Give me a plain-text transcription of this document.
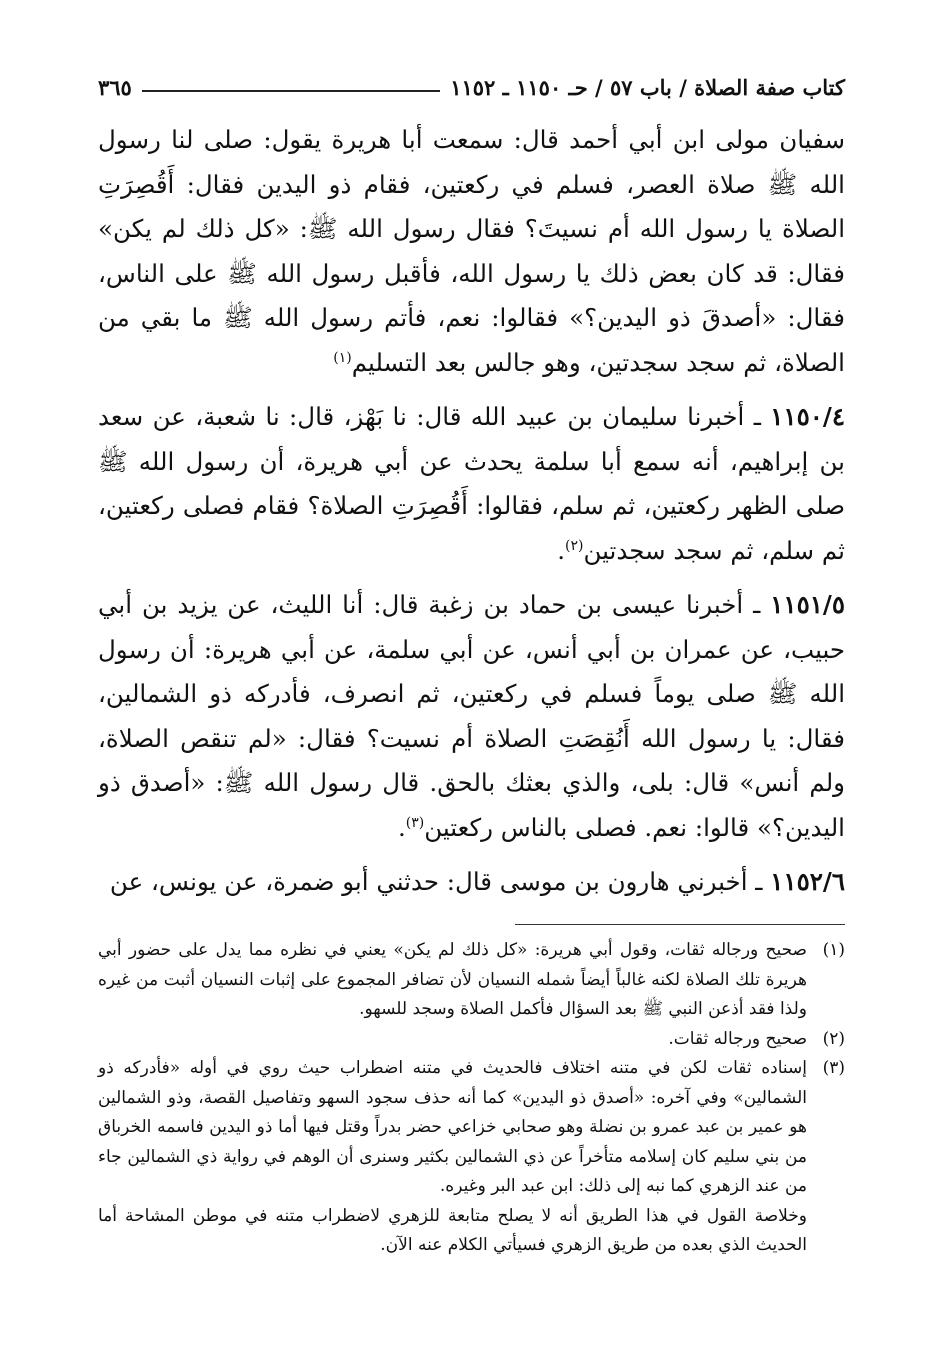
كتاب صفة الصلاة / باب ٥٧ / حـ ١١٥٠ ـ ١١٥٢
٣٦٥

سفيان مولى ابن أبي أحمد قال: سمعت أبا هريرة يقول: صلى لنا رسول الله ﷺ صلاة العصر، فسلم في ركعتين، فقام ذو اليدين فقال: أَقُصِرَتِ الصلاة يا رسول الله أم نسيتَ؟ فقال رسول الله ﷺ: «كل ذلك لم يكن» فقال: قد كان بعض ذلك يا رسول الله، فأقبل رسول الله ﷺ على الناس، فقال: «أصدقَ ذو اليدين؟» فقالوا: نعم، فأتم رسول الله ﷺ ما بقي من الصلاة، ثم سجد سجدتين، وهو جالس بعد التسليم$^{(١)}$

١١٥٠/٤ ـ أخبرنا سليمان بن عبيد الله قال: نا بَهْز، قال: نا شعبة، عن سعد بن إبراهيم، أنه سمع أبا سلمة يحدث عن أبي هريرة، أن رسول الله ﷺ صلى الظهر ركعتين، ثم سلم، فقالوا: أَقُصِرَتِ الصلاة؟ فقام فصلى ركعتين، ثم سلم، ثم سجد سجدتين$^{(٢)}$.

١١٥١/٥ ـ أخبرنا عيسى بن حماد بن زغبة قال: أنا الليث، عن يزيد بن أبي حبيب، عن عمران بن أبي أنس، عن أبي سلمة، عن أبي هريرة: أن رسول الله ﷺ صلى يوماً فسلم في ركعتين، ثم انصرف، فأدركه ذو الشمالين، فقال: يا رسول الله أَنُقِصَتِ الصلاة أم نسيت؟ فقال: «لم تنقص الصلاة، ولم أنس» قال: بلى، والذي بعثك بالحق. قال رسول الله ﷺ: «أصدق ذو اليدين؟» قالوا: نعم. فصلى بالناس ركعتين$^{(٣)}$.

١١٥٢/٦ ـ أخبرني هارون بن موسى قال: حدثني أبو ضمرة، عن يونس، عن

(١)

صحيح ورجاله ثقات، وقول أبي هريرة: «كل ذلك لم يكن» يعني في نظره مما يدل على حضور أبي هريرة تلك الصلاة لكنه غالباً أيضاً شمله النسيان لأن تضافر المجموع على إثبات النسيان أثبت من غيره ولذا فقد أذعن النبي ﷺ بعد السؤال فأكمل الصلاة وسجد للسهو.

(٢)

صحيح ورجاله ثقات.

(٣)

إسناده ثقات لكن في متنه اختلاف فالحديث في متنه اضطراب حيث روي في أوله «فأدركه ذو الشمالين» وفي آخره: «أصدق ذو اليدين» كما أنه حذف سجود السهو وتفاصيل القصة، وذو الشمالين هو عمير بن عبد عمرو بن نضلة وهو صحابي خزاعي حضر بدراً وقتل فيها أما ذو اليدين فاسمه الخرباق من بني سليم كان إسلامه متأخراً عن ذي الشمالين بكثير وسنرى أن الوهم في رواية ذي الشمالين جاء من عند الزهري كما نبه إلى ذلك: ابن عبد البر وغيره.

وخلاصة القول في هذا الطريق أنه لا يصلح متابعة للزهري لاضطراب متنه في موطن المشاحة أما الحديث الذي بعده من طريق الزهري فسيأتي الكلام عنه الآن.
